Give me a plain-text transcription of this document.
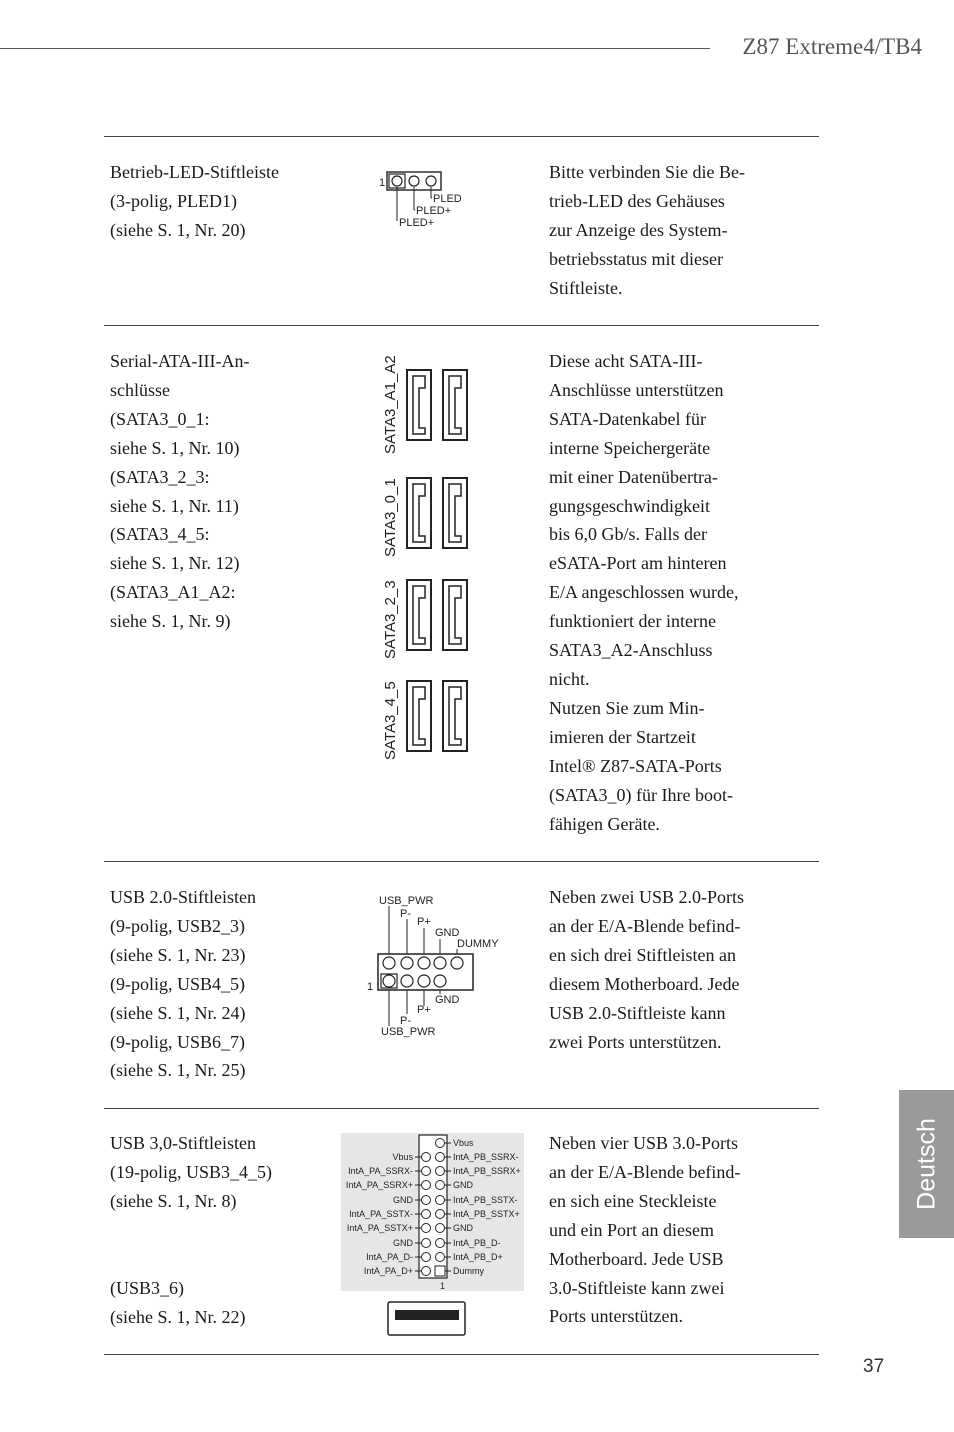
Z87 Extreme4/TB4
Betrieb-LED-Stiftleiste
(3-polig, PLED1)
(siehe S. 1, Nr. 20)
Bitte verbinden Sie die Be-
trieb-LED des Gehäuses
zur Anzeige des System-
betriebsstatus mit dieser
Stiftleiste.
1
PLED
PLED+
PLED+
Serial-ATA-III-An-
schlüsse
(SATA3_0_1:
siehe S. 1, Nr. 10)
(SATA3_2_3:
siehe S. 1, Nr. 11)
(SATA3_4_5:
siehe S. 1, Nr. 12)
(SATA3_A1_A2:
siehe S. 1, Nr. 9)
Diese acht SATA-III-
Anschlüsse unterstützen
SATA-Datenkabel für
interne Speichergeräte
mit einer Datenübertra-
gungsgeschwindigkeit
bis 6,0 Gb/s. Falls der
eSATA-Port am hinteren
E/A angeschlossen wurde,
funktioniert der interne
SATA3_A2-Anschluss
nicht.
Nutzen Sie zum Min-
imieren der Startzeit
Intel® Z87-SATA-Ports
(SATA3_0) für Ihre boot-
fähigen Geräte.
SATA3_A1_A2
SATA3_0_1
SATA3_2_3
SATA3_4_5
USB 2.0-Stiftleisten
(9-polig, USB2_3)
(siehe S. 1, Nr. 23)
(9-polig, USB4_5)
(siehe S. 1, Nr. 24)
(9-polig, USB6_7)
(siehe S. 1, Nr. 25)
Neben zwei USB 2.0-Ports
an der E/A-Blende befind-
en sich drei Stiftleisten an
diesem Motherboard. Jede
USB 2.0-Stiftleiste kann
zwei Ports unterstützen.
USB_PWR
P-
P+
GND
DUMMY
1
GND
P+
P-
USB_PWR
USB 3,0-Stiftleisten
(19-polig, USB3_4_5)
(siehe S. 1, Nr. 8)
(USB3_6)
(siehe S. 1, Nr. 22)
Neben vier USB 3.0-Ports
an der E/A-Blende befind-
en sich eine Steckleiste
und ein Port an diesem
Motherboard. Jede USB
3.0-Stiftleiste kann zwei
Ports unterstützen.
Vbus
IntA_PA_SSRX-
IntA_PA_SSRX+
GND
IntA_PA_SSTX-
IntA_PA_SSTX+
GND
IntA_PA_D-
IntA_PA_D+
Vbus
IntA_PB_SSRX-
IntA_PB_SSRX+
GND
IntA_PB_SSTX-
IntA_PB_SSTX+
GND
IntA_PB_D-
IntA_PB_D+
Dummy
1
Deutsch
37
